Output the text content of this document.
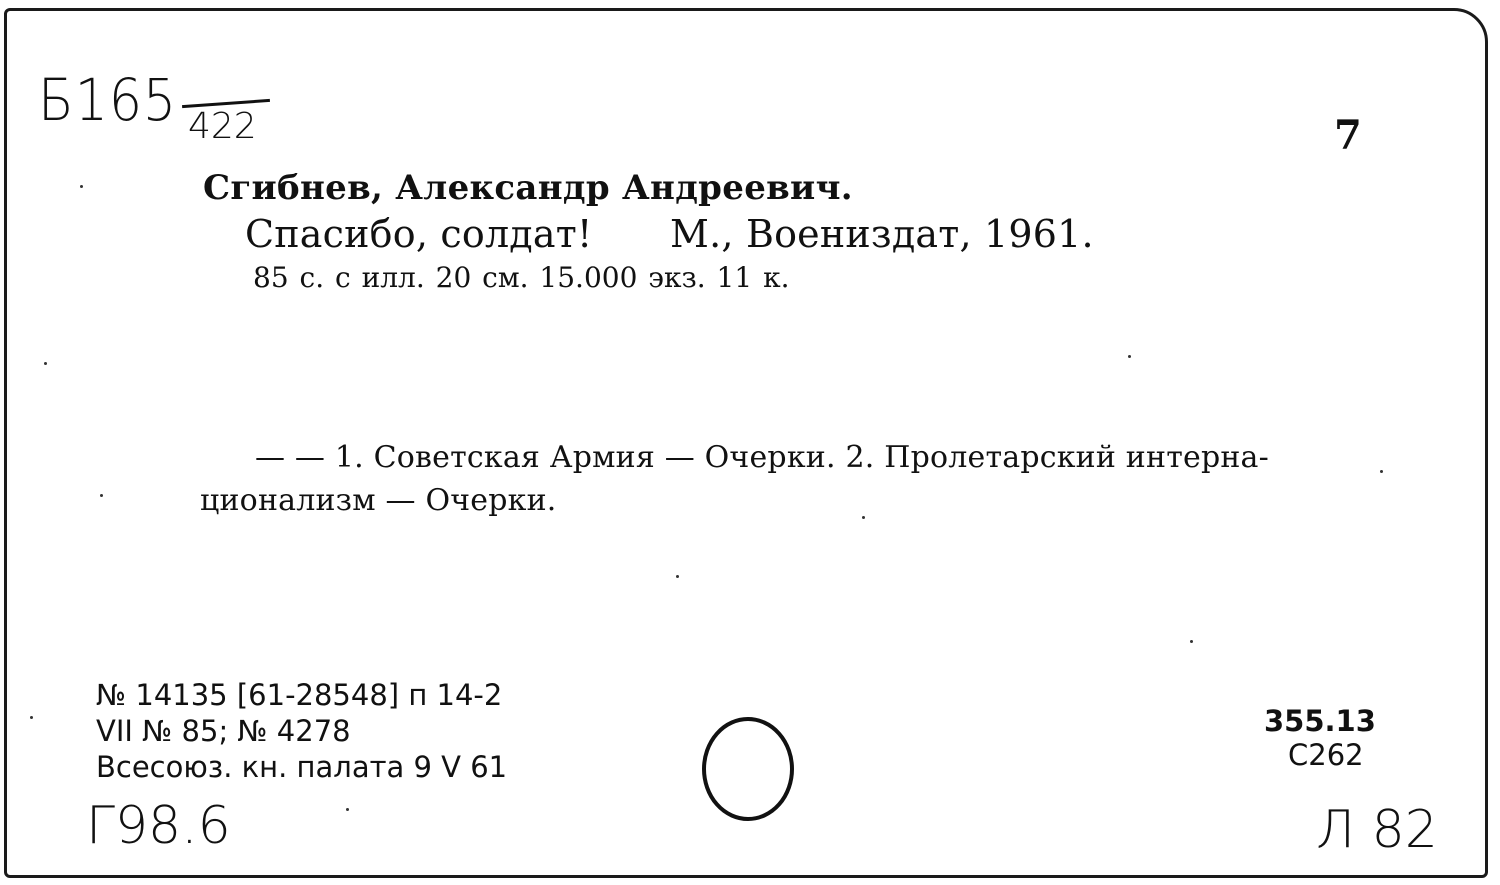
Б165 422	7
Сгибнев, Александр Андреевич.
Спасибо, солдат! М., Воениздат, 1961.
85 с. с илл. 20 см. 15.000 экз. 11 к.
— — 1. Советская Армия — Очерки. 2. Пролетарский интерна-
ционализм — Очерки.
№ 14135 [61-28548] п 14-2
VII № 85; № 4278
Всесоюз. кн. палата 9 V 61
355.13
С262
Г98.6	Л 82
